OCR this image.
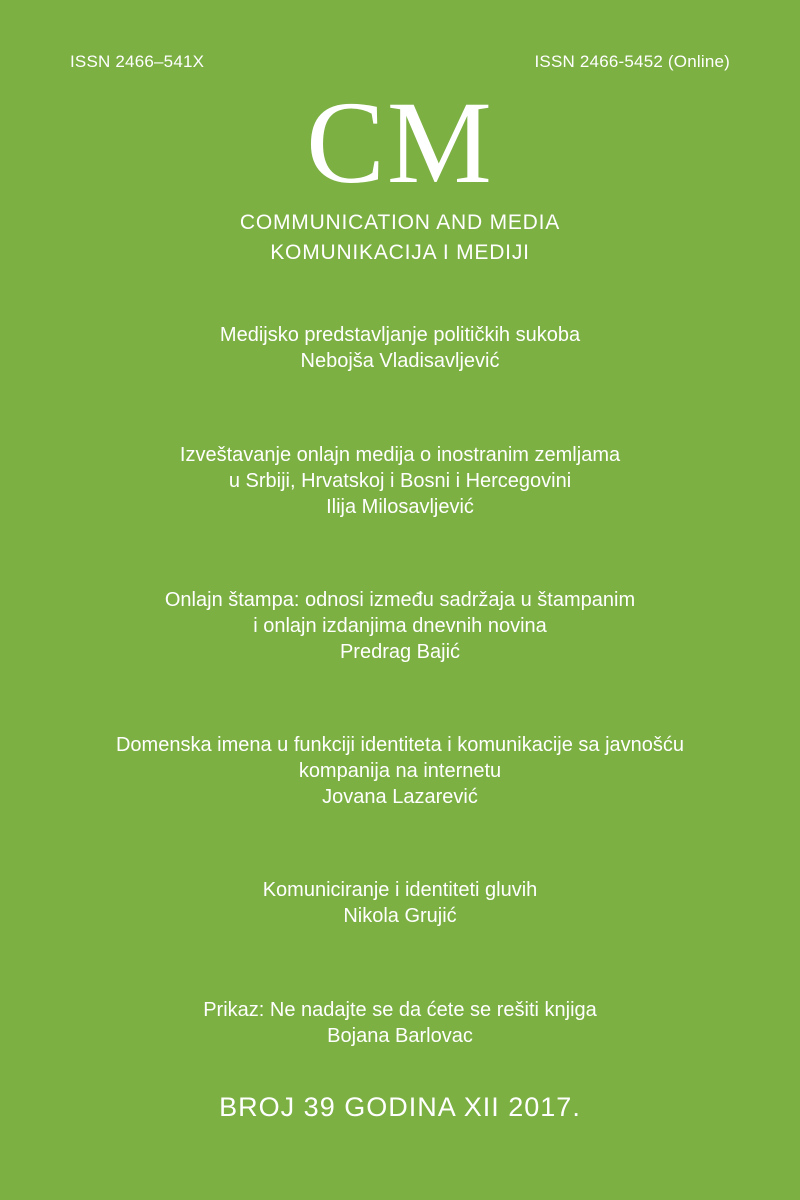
ISSN 2466–541X	ISSN 2466-5452 (Online)
CM
COMMUNICATION AND MEDIA
KOMUNIKACIJA I MEDIJI
Medijsko predstavljanje političkih sukoba
Nebojša Vladisavljević
Izveštavanje onlajn medija o inostranim zemljama
u Srbiji, Hrvatskoj i Bosni i Hercegovini
Ilija Milosavljević
Onlajn štampa: odnosi između sadržaja u štampanim
i onlajn izdanjima dnevnih novina
Predrag Bajić
Domenska imena u funkciji identiteta i komunikacije sa javnošću
kompanija na internetu
Jovana Lazarević
Komuniciranje i identiteti gluvih
Nikola Grujić
Prikaz: Ne nadajte se da ćete se rešiti knjiga
Bojana Barlovac
BROJ 39 GODINA XII 2017.
